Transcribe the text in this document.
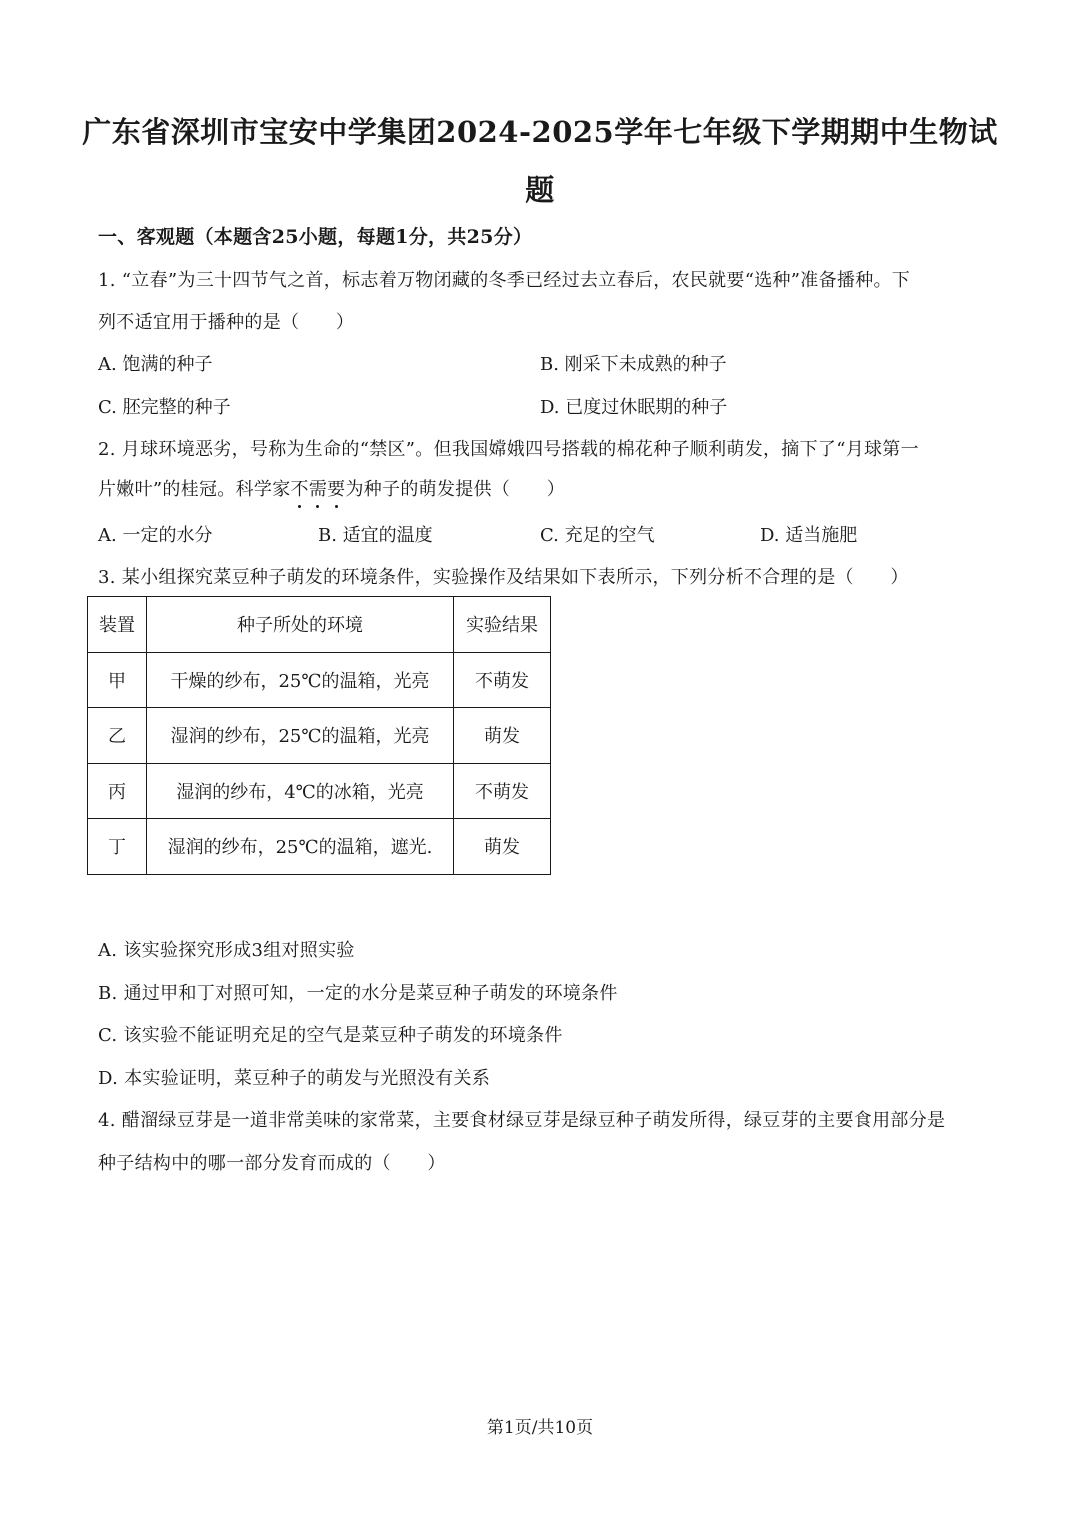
广东省深圳市宝安中学集团2024-2025学年七年级下学期期中生物试
题
一、客观题（本题含25小题，每题1分，共25分）
1. “立春”为三十四节气之首，标志着万物闭藏的冬季已经过去立春后，农民就要“选种”准备播种。下
列不适宜用于播种的是（　　）
A. 饱满的种子	B. 刚采下未成熟的种子
C. 胚完整的种子	D. 已度过休眠期的种子
2. 月球环境恶劣，号称为生命的“禁区”。但我国嫦娥四号搭载的棉花种子顺利萌发，摘下了“月球第一
片嫩叶”的桂冠。科学家不需要为种子的萌发提供（　　）
A. 一定的水分	B. 适宜的温度	C. 充足的空气	D. 适当施肥
3. 某小组探究菜豆种子萌发的环境条件，实验操作及结果如下表所示，下列分析不合理的是（　　）
装置	种子所处的环境	实验结果
甲	干燥的纱布，25℃的温箱，光亮	不萌发
乙	湿润的纱布，25℃的温箱，光亮	萌发
丙	湿润的纱布，4℃的冰箱，光亮	不萌发
丁	湿润的纱布，25℃的温箱，遮光.	萌发
A. 该实验探究形成3组对照实验
B. 通过甲和丁对照可知，一定的水分是菜豆种子萌发的环境条件
C. 该实验不能证明充足的空气是菜豆种子萌发的环境条件
D. 本实验证明，菜豆种子的萌发与光照没有关系
4. 醋溜绿豆芽是一道非常美味的家常菜，主要食材绿豆芽是绿豆种子萌发所得，绿豆芽的主要食用部分是
种子结构中的哪一部分发育而成的（　　）
第1页/共10页
